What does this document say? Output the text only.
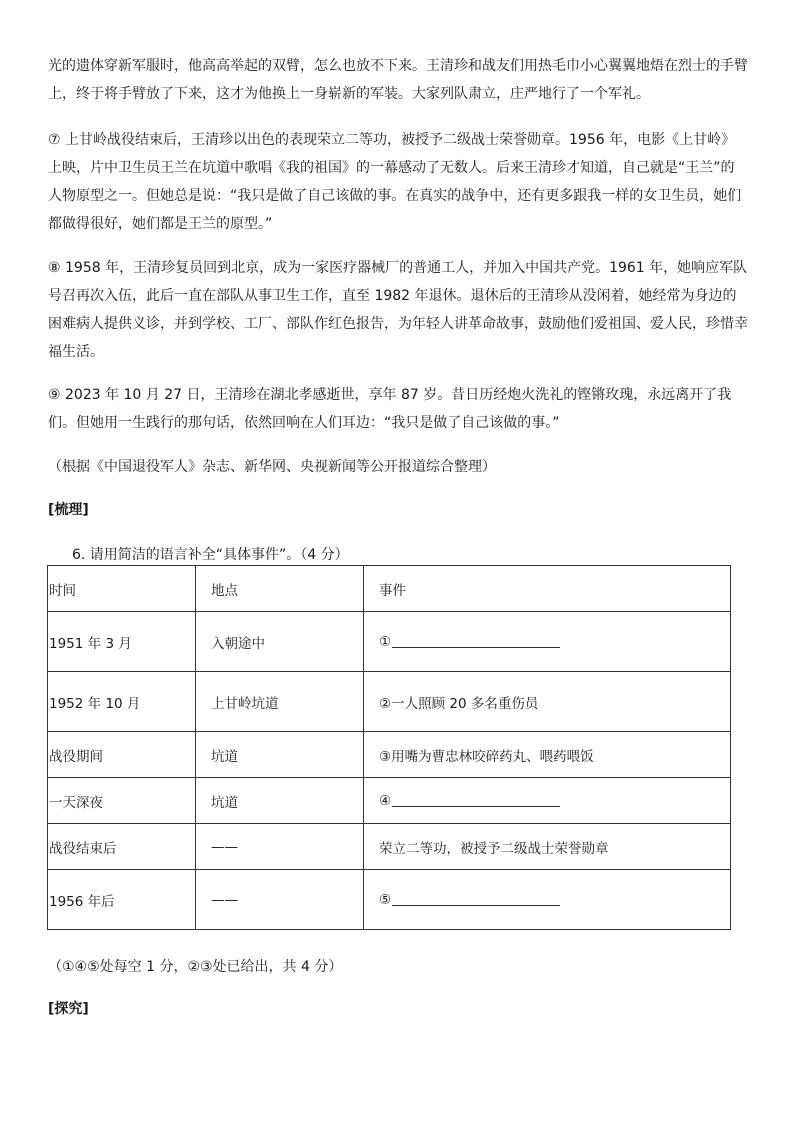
光的遗体穿新军服时，他高高举起的双臂，怎么也放不下来。王清珍和战友们用热毛巾小心翼翼地焐在烈士的手臂上，终于将手臂放了下来，这才为他换上一身崭新的军装。大家列队肃立，庄严地行了一个军礼。

⑦ 上甘岭战役结束后，王清珍以出色的表现荣立二等功，被授予二级战士荣誉勋章。1956 年，电影《上甘岭》上映，片中卫生员王兰在坑道中歌唱《我的祖国》的一幕感动了无数人。后来王清珍才知道，自己就是“王兰”的人物原型之一。但她总是说：“我只是做了自己该做的事。在真实的战争中，还有更多跟我一样的女卫生员，她们都做得很好，她们都是王兰的原型。”

⑧ 1958 年，王清珍复员回到北京，成为一家医疗器械厂的普通工人，并加入中国共产党。1961 年，她响应军队号召再次入伍，此后一直在部队从事卫生工作，直至 1982 年退休。退休后的王清珍从没闲着，她经常为身边的困难病人提供义诊，并到学校、工厂、部队作红色报告，为年轻人讲革命故事，鼓励他们爱祖国、爱人民，珍惜幸福生活。

⑨ 2023 年 10 月 27 日，王清珍在湖北孝感逝世，享年 87 岁。昔日历经炮火洗礼的铿锵玫瑰，永远离开了我们。但她用一生践行的那句话，依然回响在人们耳边：“我只是做了自己该做的事。”

（根据《中国退役军人》杂志、新华网、央视新闻等公开报道综合整理）
[梳理]
6. 请用简洁的语言补全“具体事件”。（4 分）
时间	地点	事件
1951 年 3 月	入朝途中	①
1952 年 10 月	上甘岭坑道	②一人照顾 20 多名重伤员
战役期间	坑道	③用嘴为曹忠林咬碎药丸、喂药喂饭
一天深夜	坑道	④
战役结束后	——	荣立二等功，被授予二级战士荣誉勋章
1956 年后	——	⑤
（①④⑤处每空 1 分，②③处已给出，共 4 分）
[探究]
